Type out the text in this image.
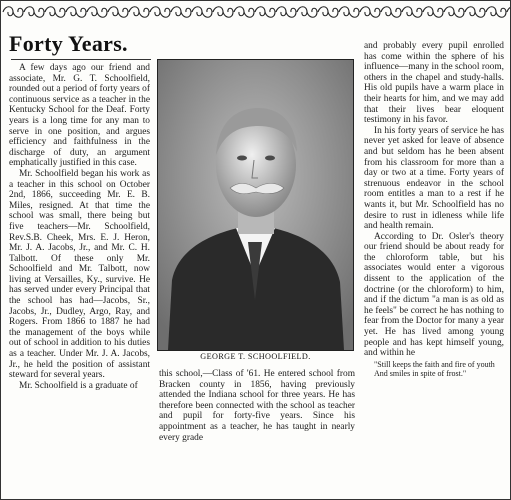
Forty Years.

A few days ago our friend and associate, Mr. G. T. Schoolfield, rounded out a period of forty years of continuous service as a teacher in the Kentucky School for the Deaf. Forty years is a long time for any man to serve in one position, and argues efficiency and faithfulness in the discharge of duty, an argument emphatically justified in this case.

Mr. Schoolfield began his work as a teacher in this school on October 2nd, 1866, succeeding Mr. E. B. Miles, resigned. At that time the school was small, there being but five teachers—Mr. Schoolfield, Rev.S.B. Cheek, Mrs. E. J. Heron, Mr. J. A. Jacobs, Jr., and Mr. C. H. Talbott. Of these only Mr. Schoolfield and Mr. Talbott, now living at Versailles, Ky., survive. He has served under every Principal that the school has had—Jacobs, Sr., Jacobs, Jr., Dudley, Argo, Ray, and Rogers. From 1866 to 1887 he had the management of the boys while out of school in addition to his duties as a teacher. Under Mr. J. A. Jacobs, Jr., he held the position of assistant steward for several years.

Mr. Schoolfield is a graduate of

GEORGE T. SCHOOLFIELD.

this school,—Class of '61. He entered school from Bracken county in 1856, having previously attended the Indiana school for three years. He has therefore been connected with the school as teacher and pupil for forty-five years. Since his appointment as a teacher, he has taught in nearly every grade

and probably every pupil enrolled has come within the sphere of his influence—many in the school room, others in the chapel and study-halls. His old pupils have a warm place in their hearts for him, and we may add that their lives bear eloquent testimony in his favor.

In his forty years of service he has never yet asked for leave of absence and but seldom has he been absent from his classroom for more than a day or two at a time. Forty years of strenuous endeavor in the school room entitles a man to a rest if he wants it, but Mr. Schoolfield has no desire to rust in idleness while life and health remain.

According to Dr. Osler's theory our friend should be about ready for the chloroform table, but his associates would enter a vigorous dissent to the application of the doctrine (or the chloroform) to him, and if the dictum "a man is as old as he feels" be correct he has nothing to fear from the Doctor for many a year yet. He has lived among young people and has kept himself young, and within he

"Still keeps the faith and fire of youth

And smiles in spite of frost."
